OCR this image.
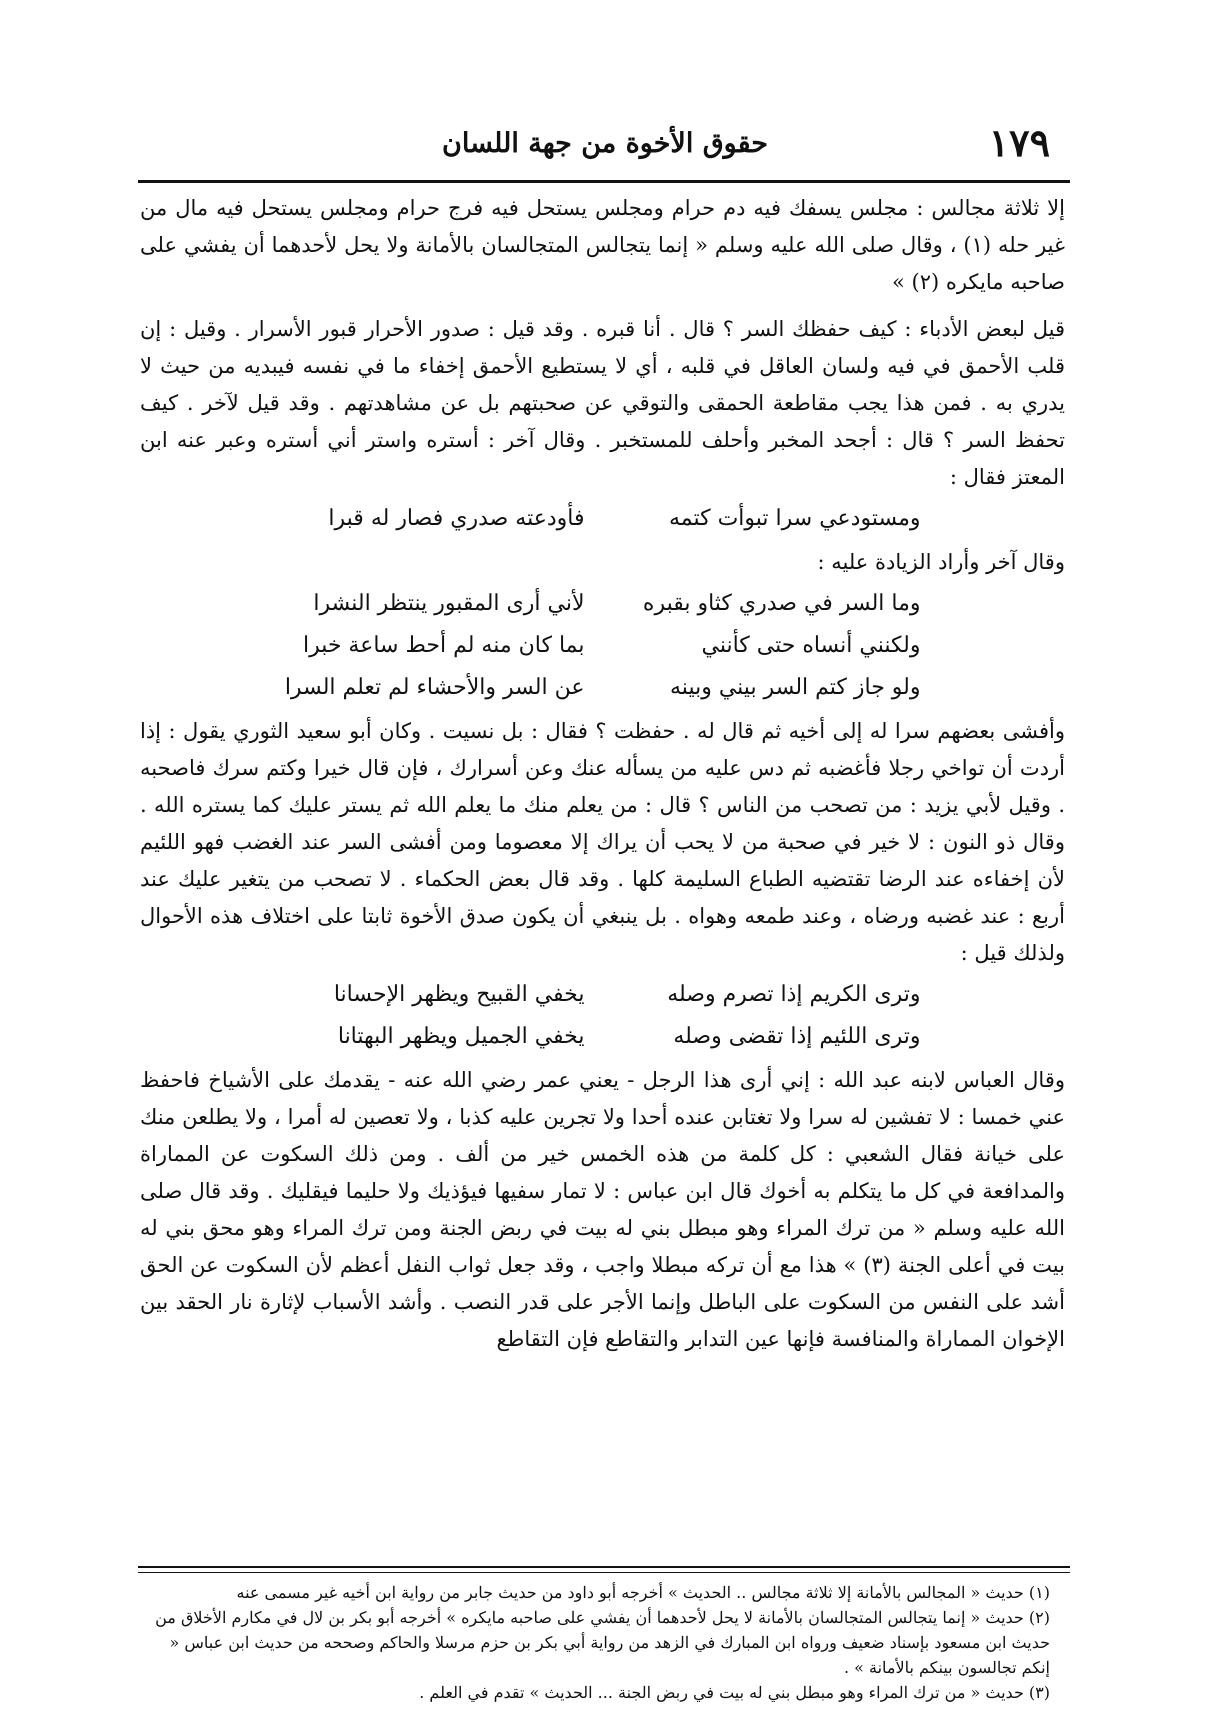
حقوق الأخوة من جهة اللسان	١٧٩

إلا ثلاثة مجالس : مجلس يسفك فيه دم حرام ومجلس يستحل فيه فرج حرام ومجلس يستحل فيه مال من غير حله (١) ، وقال صلى الله عليه وسلم « إنما يتجالس المتجالسان بالأمانة ولا يحل لأحدهما أن يفشي على صاحبه مايكره (٢) »

قيل لبعض الأدباء : كيف حفظك السر ؟ قال . أنا قبره . وقد قيل : صدور الأحرار قبور الأسرار . وقيل : إن قلب الأحمق في فيه ولسان العاقل في قلبه ، أي لا يستطيع الأحمق إخفاء ما في نفسه فيبديه من حيث لا يدري به . فمن هذا يجب مقاطعة الحمقى والتوقي عن صحبتهم بل عن مشاهدتهم . وقد قيل لآخر . كيف تحفظ السر ؟ قال : أجحد المخبر وأحلف للمستخبر . وقال آخر : أستره واستر أني أستره وعبر عنه ابن المعتز فقال :

ومستودعي سرا تبوأت كتمه
فأودعته صدري فصار له قبرا

وقال آخر وأراد الزيادة عليه :

وما السر في صدري كثاو بقبره
لأني أرى المقبور ينتظر النشرا
ولكنني أنساه حتى كأنني
بما كان منه لم أحط ساعة خبرا
ولو جاز كتم السر بيني وبينه
عن السر والأحشاء لم تعلم السرا

وأفشى بعضهم سرا له إلى أخيه ثم قال له . حفظت ؟ فقال : بل نسيت . وكان أبو سعيد الثوري يقول : إذا أردت أن تواخي رجلا فأغضبه ثم دس عليه من يسأله عنك وعن أسرارك ، فإن قال خيرا وكتم سرك فاصحبه . وقيل لأبي يزيد : من تصحب من الناس ؟ قال : من يعلم منك ما يعلم الله ثم يستر عليك كما يستره الله . وقال ذو النون : لا خير في صحبة من لا يحب أن يراك إلا معصوما ومن أفشى السر عند الغضب فهو اللئيم لأن إخفاءه عند الرضا تقتضيه الطباع السليمة كلها . وقد قال بعض الحكماء . لا تصحب من يتغير عليك عند أربع : عند غضبه ورضاه ، وعند طمعه وهواه . بل ينبغي أن يكون صدق الأخوة ثابتا على اختلاف هذه الأحوال ولذلك قيل :

وترى الكريم إذا تصرم وصله
يخفي القبيح ويظهر الإحسانا
وترى اللئيم إذا تقضى وصله
يخفي الجميل ويظهر البهتانا

وقال العباس لابنه عبد الله : إني أرى هذا الرجل - يعني عمر رضي الله عنه - يقدمك على الأشياخ فاحفظ عني خمسا : لا تفشين له سرا ولا تغتابن عنده أحدا ولا تجرين عليه كذبا ، ولا تعصين له أمرا ، ولا يطلعن منك على خيانة فقال الشعبي : كل كلمة من هذه الخمس خير من ألف . ومن ذلك السكوت عن المماراة والمدافعة في كل ما يتكلم به أخوك قال ابن عباس : لا تمار سفيها فيؤذيك ولا حليما فيقليك . وقد قال صلى الله عليه وسلم « من ترك المراء وهو مبطل بني له بيت في ربض الجنة ومن ترك المراء وهو محق بني له بيت في أعلى الجنة (٣) » هذا مع أن تركه مبطلا واجب ، وقد جعل ثواب النفل أعظم لأن السكوت عن الحق أشد على النفس من السكوت على الباطل وإنما الأجر على قدر النصب . وأشد الأسباب لإثارة نار الحقد بين الإخوان المماراة والمنافسة فإنها عين التدابر والتقاطع فإن التقاطع

(١) حديث « المجالس بالأمانة إلا ثلاثة مجالس .. الحديث » أخرجه أبو داود من حديث جابر من رواية ابن أخيه غير مسمى عنه

(٢) حديث « إنما يتجالس المتجالسان بالأمانة لا يحل لأحدهما أن يفشي على صاحبه مايكره » أخرجه أبو بكر بن لال في مكارم الأخلاق من حديث ابن مسعود بإسناد ضعيف ورواه ابن المبارك في الزهد من رواية أبي بكر بن حزم مرسلا والحاكم وصححه من حديث ابن عباس « إنكم تجالسون بينكم بالأمانة » .

(٣) حديث « من ترك المراء وهو مبطل بني له بيت في ربض الجنة ... الحديث » تقدم في العلم .
